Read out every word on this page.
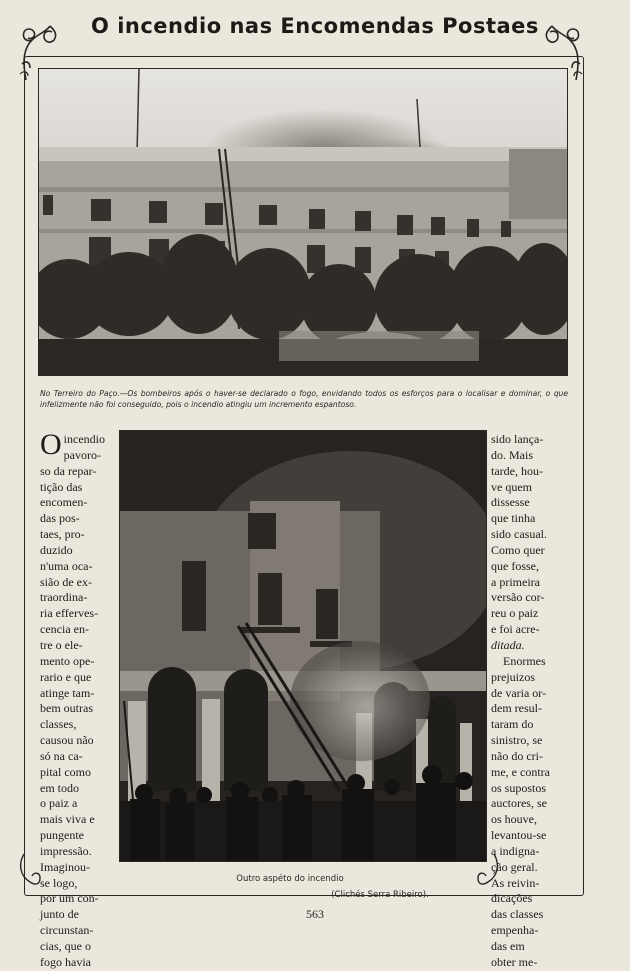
O incendio nas Encomendas Postaes
No Terreiro do Paço.—Os bombeiros após o haver-se declarado o fogo, envidando todos os esforços para o localisar e dominar, o que infelizmente não foi conseguido, pois o incendio atingiu um incremento espantoso.
O incendio
pavoro-
so da repar-
tição das
encomen-
das pos-
taes, pro-
duzido
n'uma oca-
sião de ex-
traordina-
ria efferves-
cencia en-
tre o ele-
mento ope-
rario e que
atinge tam-
bem outras
classes,
causou não
só na ca-
pital como
em todo
o paiz a
mais viva e
pungente
impressão.
Imaginou-
se logo,
por um con-
junto de
circunstan-
cias, que o
fogo havia
sido lança-
do. Mais
tarde, hou-
ve quem
dissesse
que tinha
sido casual.
Como quer
que fosse,
a primeira
versão cor-
reu o paiz
e foi acre-
ditada.
Enormes
prejuizos
de varia or-
dem resul-
taram do
sinistro, se
não do cri-
me, e contra
os supostos
auctores, se
os houve,
levantou-se
a indigna-
ção geral.
As reivin-
dicações
das classes
empenha-
das em
obter me-
Outro aspéto do incendio
(Clichés Serra Ribeiro).
563
